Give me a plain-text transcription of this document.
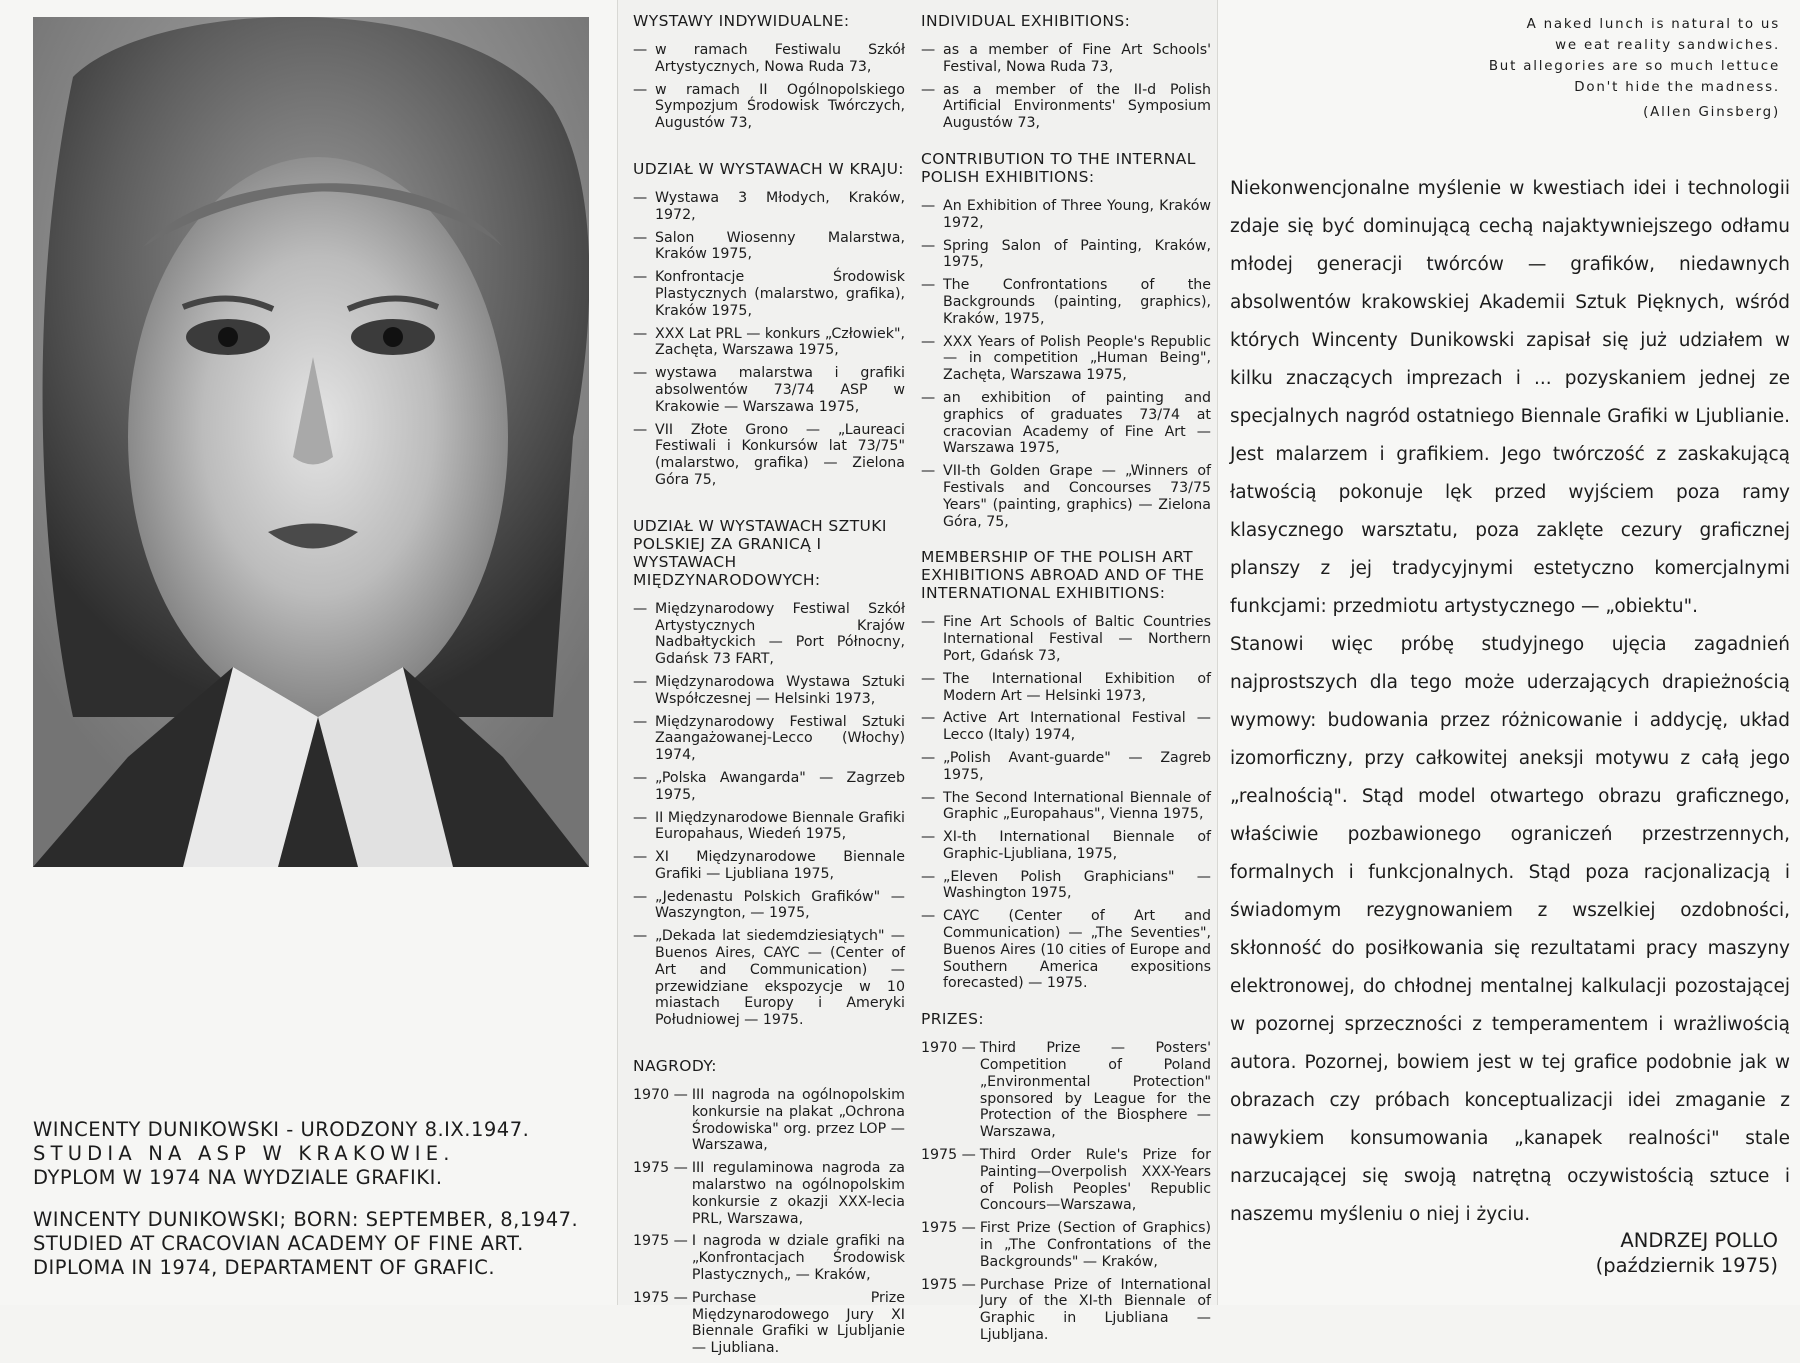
WINCENTY DUNIKOWSKI - URODZONY 8.IX.1947.
STUDIA NA ASP W KRAKOWIE.
DYPLOM W 1974 NA WYDZIALE GRAFIKI.
WINCENTY DUNIKOWSKI; BORN: SEPTEMBER, 8,1947.
STUDIED AT CRACOVIAN ACADEMY OF FINE ART.
DIPLOMA IN 1974, DEPARTAMENT OF GRAFIC.
WYSTAWY INDYWIDUALNE:
— w ramach Festiwalu Szkół Artystycznych, Nowa Ruda 73,
— w ramach II Ogólnopolskiego Sympozjum Środowisk Twórczych, Augustów 73,
UDZIAŁ W WYSTAWACH W KRAJU:
— Wystawa 3 Młodych, Kraków, 1972,
— Salon Wiosenny Malarstwa, Kraków 1975,
— Konfrontacje Środowisk Plastycznych (malarstwo, grafika), Kraków 1975,
— XXX Lat PRL — konkurs „Człowiek", Zachęta, Warszawa 1975,
— wystawa malarstwa i grafiki absolwentów 73/74 ASP w Krakowie — Warszawa 1975,
— VII Złote Grono — „Laureaci Festiwali i Konkursów lat 73/75" (malarstwo, grafika) — Zielona Góra 75,
UDZIAŁ W WYSTAWACH SZTUKI POLSKIEJ ZA GRANICĄ I WYSTAWACH MIĘDZYNARODOWYCH:
— Międzynarodowy Festiwal Szkół Artystycznych Krajów Nadbałtyckich — Port Północny, Gdańsk 73 FART,
— Międzynarodowa Wystawa Sztuki Współczesnej — Helsinki 1973,
— Międzynarodowy Festiwal Sztuki Zaangażowanej-Lecco (Włochy) 1974,
— „Polska Awangarda" — Zagrzeb 1975,
— II Międzynarodowe Biennale Grafiki Europahaus, Wiedeń 1975,
— XI Międzynarodowe Biennale Grafiki — Ljubliana 1975,
— „Jedenastu Polskich Grafików" — Waszyngton, — 1975,
— „Dekada lat siedemdziesiątych" — Buenos Aires, CAYC — (Center of Art and Communication) — przewidziane ekspozycje w 10 miastach Europy i Ameryki Południowej — 1975.
NAGRODY:
1970 — III nagroda na ogólnopolskim konkursie na plakat „Ochrona Środowiska" org. przez LOP — Warszawa,
1975 — III regulaminowa nagroda za malarstwo na ogólnopolskim konkursie z okazji XXX-lecia PRL, Warszawa,
1975 — I nagroda w dziale grafiki na „Konfrontacjach Środowisk Plastycznych„ — Kraków,
1975 — Purchase Prize Międzynarodowego Jury XI Biennale Grafiki w Ljubljanie — Ljubliana.
INDIVIDUAL EXHIBITIONS:
— as a member of Fine Art Schools' Festival, Nowa Ruda 73,
— as a member of the II-d Polish Artificial Environments' Symposium Augustów 73,
CONTRIBUTION TO THE INTERNAL POLISH EXHIBITIONS:
— An Exhibition of Three Young, Kraków 1972,
— Spring Salon of Painting, Kraków, 1975,
— The Confrontations of the Backgrounds (painting, graphics), Kraków, 1975,
— XXX Years of Polish People's Republic — in competition „Human Being", Zachęta, Warszawa 1975,
— an exhibition of painting and graphics of graduates 73/74 at cracovian Academy of Fine Art — Warszawa 1975,
— VII-th Golden Grape — „Winners of Festivals and Concourses 73/75 Years" (painting, graphics) — Zielona Góra, 75,
MEMBERSHIP OF THE POLISH ART EXHIBITIONS ABROAD AND OF THE INTERNATIONAL EXHIBITIONS:
— Fine Art Schools of Baltic Countries International Festival — Northern Port, Gdańsk 73,
— The International Exhibition of Modern Art — Helsinki 1973,
— Active Art International Festival — Lecco (Italy) 1974,
— „Polish Avant-guarde" — Zagreb 1975,
— The Second International Biennale of Graphic „Europahaus", Vienna 1975,
— XI-th International Biennale of Graphic-Ljubliana, 1975,
— „Eleven Polish Graphicians" — Washington 1975,
— CAYC (Center of Art and Communication) — „The Seventies", Buenos Aires (10 cities of Europe and Southern America expositions forecasted) — 1975.
PRIZES:
1970 — Third Prize — Posters' Competition of Poland „Environmental Protection" sponsored by League for the Protection of the Biosphere — Warszawa,
1975 — Third Order Rule's Prize for Painting—Overpolish XXX-Years of Polish Peoples' Republic Concours—Warszawa,
1975 — First Prize (Section of Graphics) in „The Confrontations of the Backgrounds" — Kraków,
1975 — Purchase Prize of International Jury of the XI-th Biennale of Graphic in Ljubliana — Ljubljana.
A naked lunch is natural to us
we eat reality sandwiches.
But allegories are so much lettuce
Don't hide the madness.
(Allen Ginsberg)

Niekonwencjonalne myślenie w kwestiach idei i technologii zdaje się być dominującą cechą najaktywniejszego odłamu młodej generacji twórców — grafików, niedawnych absolwentów krakowskiej Akademii Sztuk Pięknych, wśród których Wincenty Dunikowski zapisał się już udziałem w kilku znaczących imprezach i ... pozyskaniem jednej ze specjalnych nagród ostatniego Biennale Grafiki w Ljublianie. Jest malarzem i grafikiem. Jego twórczość z zaskakującą łatwością pokonuje lęk przed wyjściem poza ramy klasycznego warsztatu, poza zaklęte cezury graficznej planszy z jej tradycyjnymi estetyczno komercjalnymi funkcjami: przedmiotu artystycznego — „obiektu".

Stanowi więc próbę studyjnego ujęcia zagadnień najprostszych dla tego może uderzających drapieżnością wymowy: budowania przez różnicowanie i addycję, układ izomorficzny, przy całkowitej aneksji motywu z całą jego „realnością". Stąd model otwartego obrazu graficznego, właściwie pozbawionego ograniczeń przestrzennych, formalnych i funkcjonalnych. Stąd poza racjonalizacją i świadomym rezygnowaniem z wszelkiej ozdobności, skłonność do posiłkowania się rezultatami pracy maszyny elektronowej, do chłodnej mentalnej kalkulacji pozostającej w pozornej sprzeczności z temperamentem i wrażliwością autora. Pozornej, bowiem jest w tej grafice podobnie jak w obrazach czy próbach konceptualizacji idei zmaganie z nawykiem konsumowania „kanapek realności" stale narzucającej się swoją natrętną oczywistością sztuce i naszemu myśleniu o niej i życiu.

ANDRZEJ POLLO
(październik 1975)
